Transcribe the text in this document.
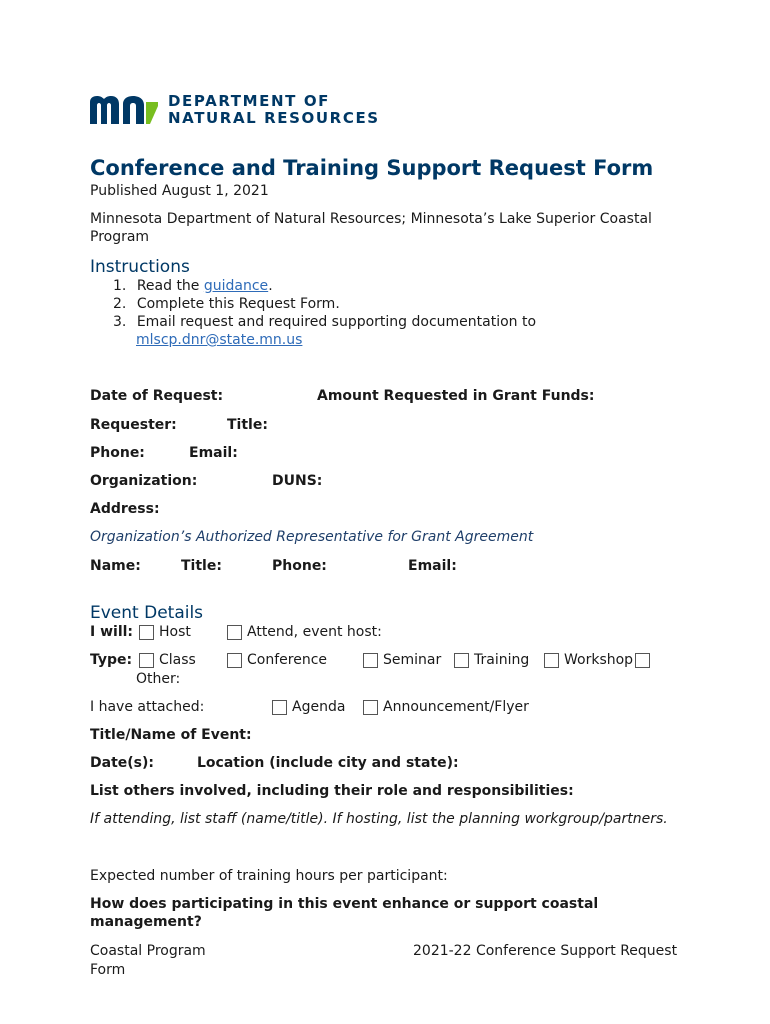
DEPARTMENT OF
NATURAL RESOURCES
Conference and Training Support Request Form
Published August 1, 2021
Minnesota Department of Natural Resources; Minnesota’s Lake Superior Coastal
Program
Instructions
1. Read the guidance.
2. Complete this Request Form.
3. Email request and required supporting documentation to
mlscp.dnr@state.mn.us
Date of Request:	Amount Requested in Grant Funds:
Requester:	Title:
Phone:	Email:
Organization:	DUNS:
Address:
Organization’s Authorized Representative for Grant Agreement
Name:	Title:	Phone:	Email:
Event Details
I will: Host	Attend, event host:
Type: Class	Conference	Seminar Training Workshop
Other:
I have attached:	Agenda	Announcement/Flyer
Title/Name of Event:
Date(s):	Location (include city and state):
List others involved, including their role and responsibilities:
If attending, list staff (name/title). If hosting, list the planning workgroup/partners.
Expected number of training hours per participant:
How does participating in this event enhance or support coastal
management?
Coastal Program
Form
2021-22 Conference Support Request
